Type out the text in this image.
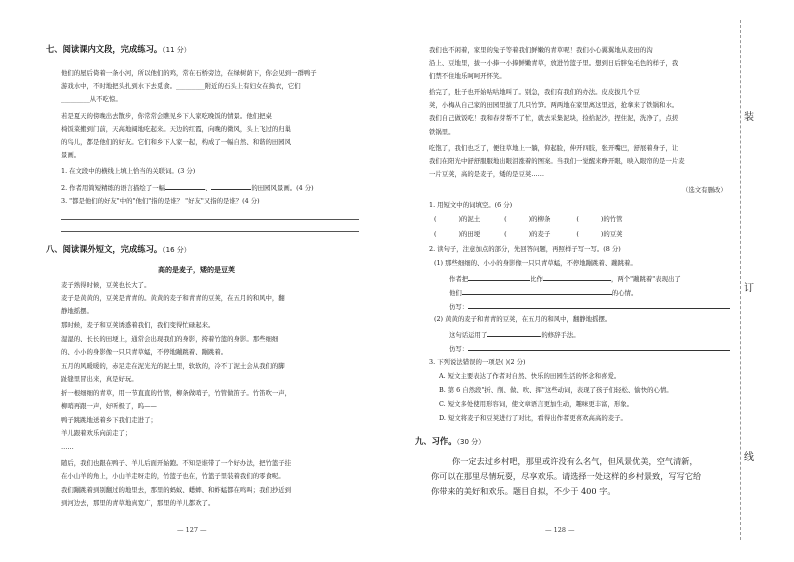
七、阅读课内文段，完成练习。（11 分）
他们的屋后倚着一条小河，所以他们的鸡，常在石桥旁边，在绿树荫下，你会见到一群鸭子
游戏水中，不时地把头扎到水下去觅食。_________附近的石头上有妇女在捣衣，它们
_________从不吃惊。
若是夏天的傍晚出去散步，你常常会瞧见乡下人家吃晚饭的情景。他们把桌
椅饭菜搬到门前，天高地阔地吃起来。天边的红霞，向晚的微风，头上飞过的归巢
的鸟儿，都是他们的好友。它们和乡下人家一起，构成了一幅自然、和谐的田园风
景画。
1. 在文段中的横线上填上恰当的关联词。(3 分)
2. 作者用简短精练的语言描绘了一幅	、	的田园风景画。(4 分)
3. "都是他们的好友"中的"他们"指的是谁？ "好友"又指的是谁？(4 分)
八、阅读课外短文，完成练习。（16 分）
高的是麦子，矮的是豆荚
麦子熟得时候，豆荚也长大了。
麦子是黄黄的，豆荚是青青的。黄黄的麦子和青青的豆荚，在五月的和风中，翻
静地摇摆。
那时候，麦子和豆荚诱惑着我们，我们变得忙碌起来。
湿湿的、长长的田埂上，通常会出现我们的身影，挎着竹篮的身影。那些细细
的、小小的身影像一只只青草蜢，不停地蹦跳着、蹦跳着。
五月的风暖暖的，赤足走在泥光光的泥土里，软软的，冷不丁泥土会从我们的脚
趾缝里冒出来，真是好玩。
折一根细细的青草，用一节直直的竹管，柳条做哨子，竹管做笛子。竹笛吹一声，
柳哨再跟一声，好听极了，呜——
鸭子跳跳地送着乡下我们走进了；
羊儿跟着欢乐向前走了；
……
随后，我们也跟在鸭子、羊儿后面开始跑。不知是谁带了一个好办法，把竹篮子挂
在小山羊的角上，小山羊走呀走的，竹篮子也在，竹篮子里装着我们的零食呢。
我们蹦跳着到别翻过的地里去，那里的蚂蚁、蟋蟀、和蚱蜢都在鸣叫；我们抄近到
到河边去，那里的青草地真宽广，那里的羊儿都欢了。
— 127 —
我们也不闲着，家里的兔子等着我们鲜嫩的青草呢！我们小心翼翼地从麦田的沟
沿上、豆地里，拔一小捧一小捧鲜嫩青草，放进竹篮子里。想到日后胖兔毛色的样子，我
们禁不住地乐呵呵开怀笑。
拾完了，肚子也开始咕咕地叫了。别急，我们有我们的办法。皮皮拔几个豆
荚，小梅从自己家的田园里拔了几只竹笋。两两地在家里离这里远，抢拿来了铁锅和水。
我们自己做饭吃！我和春芽帮不了忙，就去采集泥块，捡拾泥沙，捏住泥，洗净了，点搓
铁锅里。
吃饱了，我们也乏了，便往草地上一躺，仰起脸，伸开四肢，张开嘴巴，舒展着身子，让
我们在阳光中舒舒服服地出眼泪涨着的图案。当我们一觉醒来睁开眼，映入眼帘的是一片麦
一片豆荚，高的是麦子，矮的是豆荚……
（选文有删改）
1. 用短文中的词填空。(6 分)
(	)的泥土	(	)的柳条	(	)的竹管
(	)的田埂	(	)的麦子	(	)的豆荚
2. 读句子，注意加点的部分，先回答问题，再照样子写一写。(8 分)
(1) 那些细细的、小小的身影像一只只青草蜢，不停地蹦跳着、蹦跳着。
作者把	比作	，两个"蹦跳着"表现出了
他们	的心情。
仿写：
(2) 黄黄的麦子和青青的豆荚，在五月的和风中，翻静地摇摆。
这句话运用了	的修辞手法。
仿写：
3. 下列说法错误的一项是( )(2 分)
A. 短文主要表达了作者对自然、快乐的田园生活的怀念和喜爱。
B. 第 6 自然段"折、削、做、吹、挥"这些动词，表现了孩子们轻松、愉快的心情。
C. 短文多处使用形容词，使文章语言更加生动，趣味更丰富，形象。
D. 短文将麦子和豆荚进行了对比，看得出作者更喜欢高高的麦子。
九、习作。（30 分）
你一定去过乡村吧，那里或许没有么名气，但风景优美，空气清新，
你可以在那里尽情玩耍，尽享欢乐。请选择一处这样的乡村景致，写写它给
你带来的美好和欢乐。题目自拟，不少于 400 字。
— 128 —
装
订
线
